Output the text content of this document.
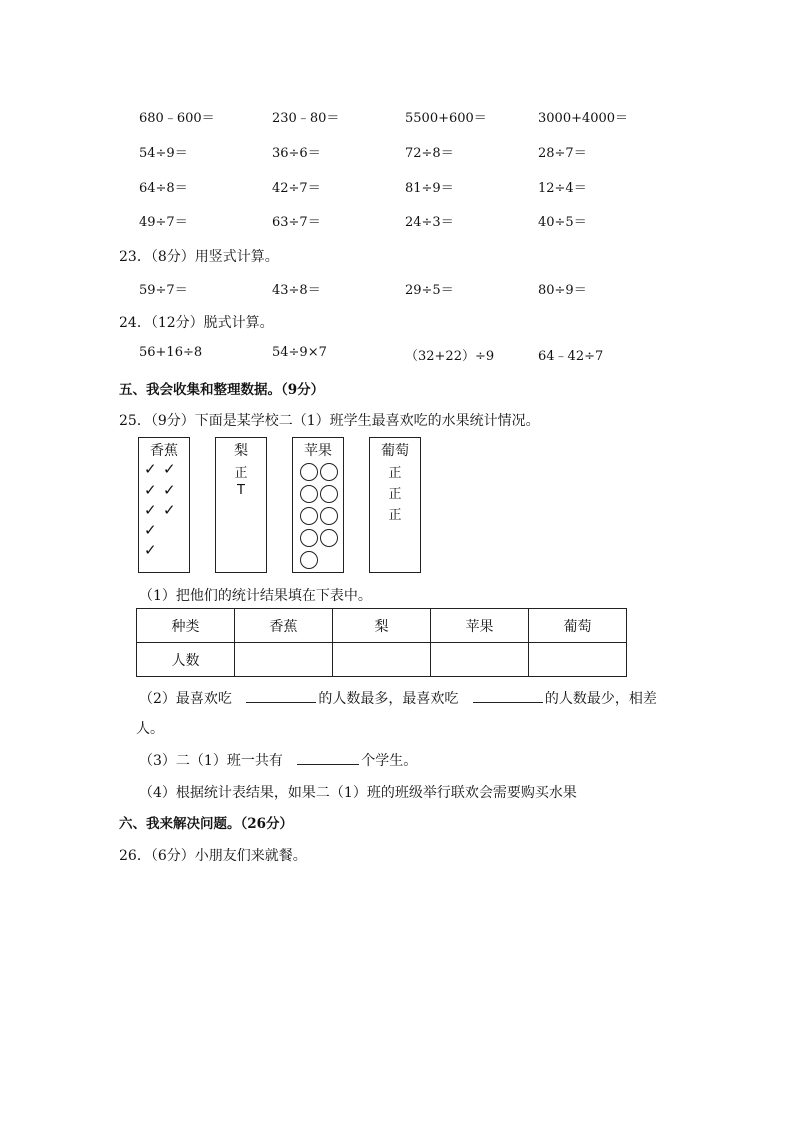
680﹣600＝	230﹣80＝	5500+600＝	3000+4000＝
54÷9＝	36÷6＝	72÷8＝	28÷7＝
64÷8＝	42÷7＝	81÷9＝	12÷4＝
49÷7＝	63÷7＝	24÷3＝	40÷5＝
23．（8分）用竖式计算。
59÷7＝	43÷8＝	29÷5＝	80÷9＝
24．（12分）脱式计算。
56+16÷8	54÷9×7	（32+22）÷9	64﹣42÷7
五、我会收集和整理数据。（9分）
25．（9分）下面是某学校二（1）班学生最喜欢吃的水果统计情况。
香蕉
✓ ✓
✓ ✓
✓ ✓
✓
✓
梨
正
T
苹果	葡萄
正
正
正
（1）把他们的统计结果填在下表中。
种类	香蕉	梨	苹果	葡萄
人数				
（2）最喜欢吃	的人数最多，最喜欢吃	的人数最少，相差
人。
（3）二（1）班一共有	个学生。
（4）根据统计表结果，如果二（1）班的班级举行联欢会需要购买水果
六、我来解决问题。（26分）
26．（6分）小朋友们来就餐。
